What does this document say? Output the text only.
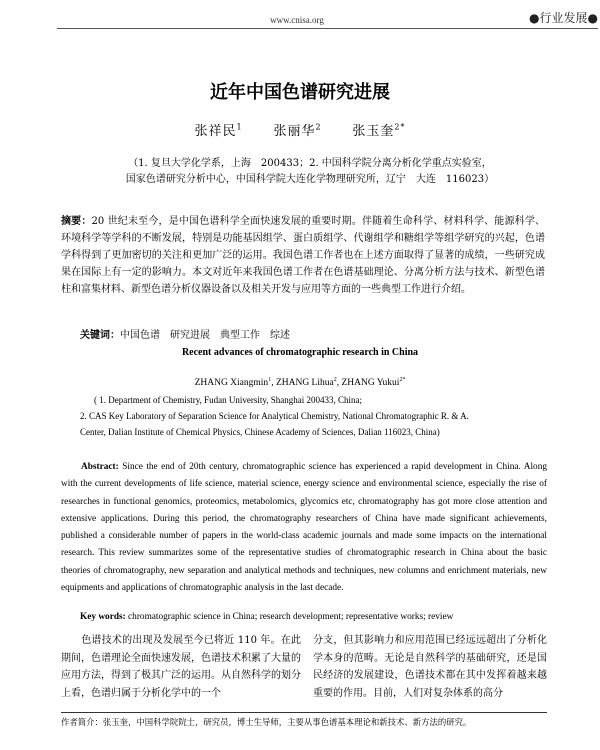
www.cnisa.org	●行业发展●
近年中国色谱研究进展
张祥民$^1$ 张丽华$^2$ 张玉奎$^{2*}$
（1. 复旦大学化学系，上海　200433；2. 中国科学院分离分析化学重点实验室，
国家色谱研究分析中心，中国科学院大连化学物理研究所，辽宁　大连　116023）
摘要：20 世纪末至今，是中国色谱科学全面快速发展的重要时期。伴随着生命科学、材料科学、能源科学、环境科学等学科的不断发展，特别是功能基因组学、蛋白质组学、代谢组学和糖组学等组学研究的兴起，色谱学科得到了更加密切的关注和更加广泛的运用。我国色谱工作者也在上述方面取得了显著的成绩，一些研究成果在国际上有一定的影响力。本文对近年来我国色谱工作者在色谱基础理论、分离分析方法与技术、新型色谱柱和富集材料、新型色谱分析仪器设备以及相关开发与应用等方面的一些典型工作进行介绍。
关键词：中国色谱　研究进展　典型工作　综述
Recent advances of chromatographic research in China
ZHANG Xiangmin$^1$, ZHANG Lihua$^2$, ZHANG Yukui$^{2*}$
( 1. Department of Chemistry, Fudan University, Shanghai 200433, China;
2. CAS Key Laboratory of Separation Science for Analytical Chemistry, National Chromatographic R. & A.
Center, Dalian Institute of Chemical Physics, Chinese Academy of Sciences, Dalian 116023, China)
Abstract: Since the end of 20th century, chromatographic science has experienced a rapid development in China. Along with the current developments of life science, material science, energy science and environmental science, especially the rise of researches in functional genomics, proteomics, metabolomics, glycomics etc, chromatography has got more close attention and extensive applications. During this period, the chromatography researchers of China have made significant achievements, published a considerable number of papers in the world-class academic journals and made some impacts on the international research. This review summarizes some of the representative studies of chromatographic research in China about the basic theories of chromatography, new separation and analytical methods and techniques, new columns and enrichment materials, new equipments and applications of chromatographic analysis in the last decade.
Key words: chromatographic science in China; research development; representative works; review
色谱技术的出现及发展至今已将近 110 年。在此期间，色谱理论全面快速发展，色谱技术积累了大量的应用方法，得到了极其广泛的运用。从自然科学的划分上看，色谱归属于分析化学中的一个
分支，但其影响力和应用范围已经远远超出了分析化学本身的范畴。无论是自然科学的基础研究，还是国民经济的发展建设，色谱技术都在其中发挥着越来越重要的作用。目前，人们对复杂体系的高分
作者简介：张玉奎，中国科学院院士，研究员，博士生导师，主要从事色谱基本理论和新技术、新方法的研究。
